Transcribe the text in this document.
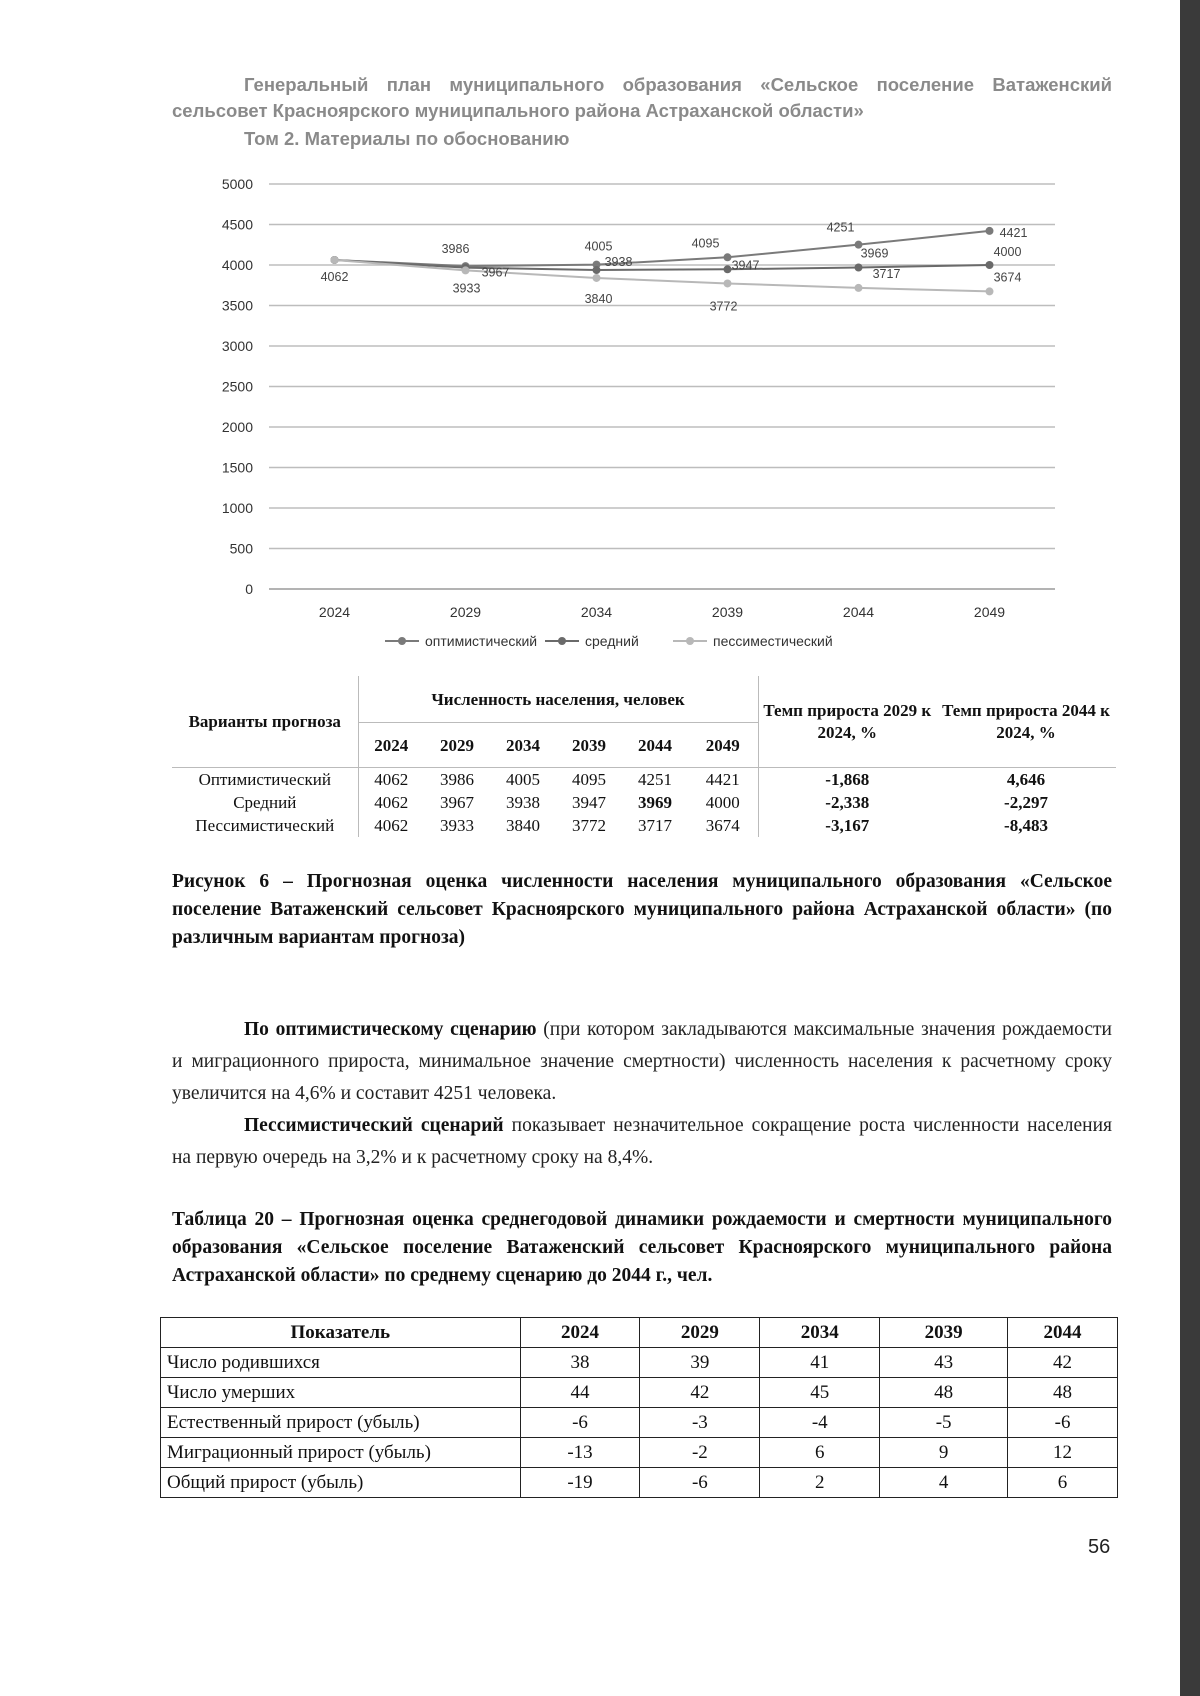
Генеральный план муниципального образования «Сельское поселение Ватаженский
сельсовет Красноярского муниципального района Астраханской области»
Том 2. Материалы по обоснованию
0
500
1000
1500
2000
2500
3000
3500
4000
4500
5000
2024	2029	2034	2039	2044	2049
3986	4005	4095
4251	4421
3967
3938	3947
3969	4000
4062
3933
3840
3772
3717	3674
оптимистический	средний	пессиместический
Варианты прогноза	Численность населения, человек						Темп прироста 2029 к 2024, %	Темп прироста 2044 к 2024, %
	2024	2029	2034	2039	2044	2049		
Оптимистический	4062	3986	4005	4095	4251	4421	-1,868	4,646
Средний	4062	3967	3938	3947	3969	4000	-2,338	-2,297
Пессимистический	4062	3933	3840	3772	3717	3674	-3,167	-8,483
Рисунок 6 – Прогнозная оценка численности населения муниципального образования «Сельское поселение Ватаженский сельсовет Красноярского муниципального района Астраханской области» (по различным вариантам прогноза)
По оптимистическому сценарию (при котором закладываются максимальные значения рождаемости и миграционного прироста, минимальное значение смертности) численность населения к расчетному сроку увеличится на 4,6% и составит 4251 человека.
Пессимистический сценарий показывает незначительное сокращение роста численности населения на первую очередь на 3,2% и к расчетному сроку на 8,4%.
Таблица 20 – Прогнозная оценка среднегодовой динамики рождаемости и смертности муниципального образования «Сельское поселение Ватаженский сельсовет Красноярского муниципального района Астраханской области» по среднему сценарию до 2044 г., чел.
Показатель	2024	2029	2034	2039	2044
Число родившихся	38	39	41	43	42
Число умерших	44	42	45	48	48
Естественный прирост (убыль)	-6	-3	-4	-5	-6
Миграционный прирост (убыль)	-13	-2	6	9	12
Общий прирост (убыль)	-19	-6	2	4	6
56
